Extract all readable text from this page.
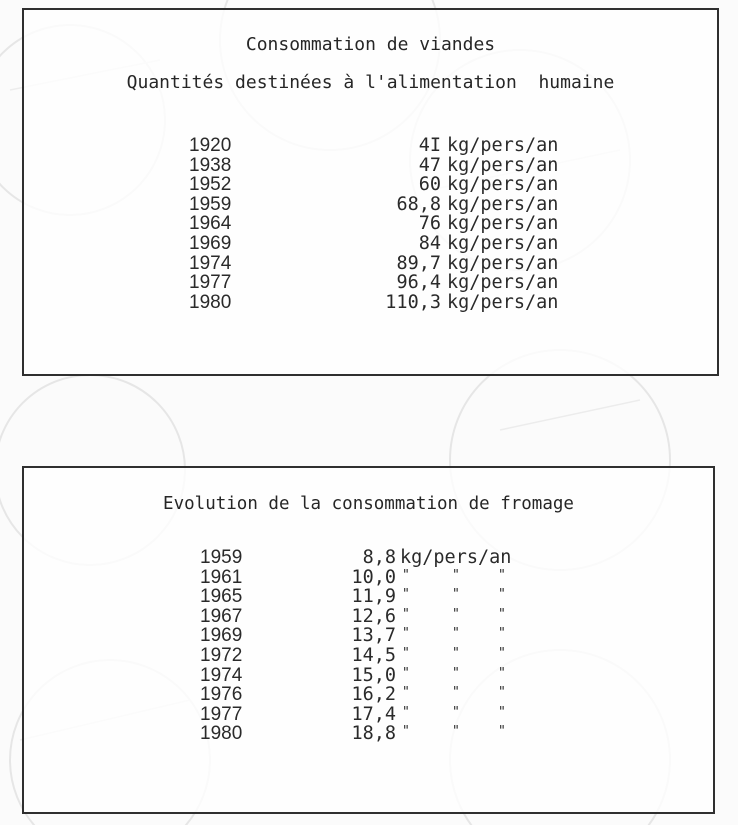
Consommation de viandes
Quantités destinées à l'alimentation  humaine
1920	4I kg/pers/an
1938	47 kg/pers/an
1952	60 kg/pers/an
1959	68,8 kg/pers/an
1964	76 kg/pers/an
1969	84 kg/pers/an
1974	89,7 kg/pers/an
1977	96,4 kg/pers/an
1980	110,3 kg/pers/an
Evolution de la consommation de fromage
1959	8,8 kg/pers/an
1961	10,0 "	"	"
1965	11,9 "	"	"
1967	12,6 "	"	"
1969	13,7 "	"	"
1972	14,5 "	"	"
1974	15,0 "	"	"
1976	16,2 "	"	"
1977	17,4 "	"	"
1980	18,8 "	"	"
